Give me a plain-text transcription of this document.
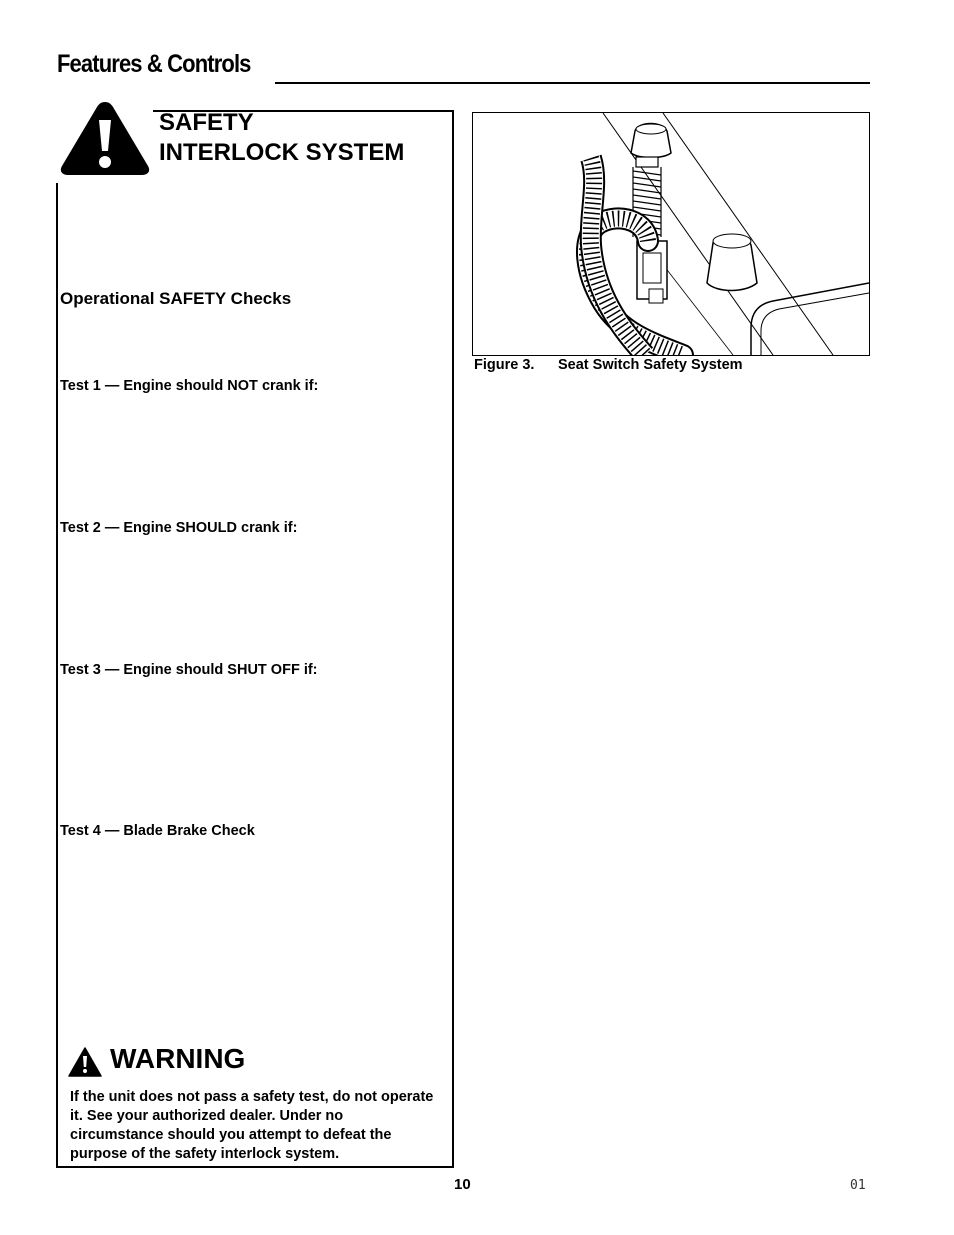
Features & Controls
SAFETY
INTERLOCK SYSTEM
Operational SAFETY Checks
Test 1 — Engine should NOT crank if:
Test 2 — Engine SHOULD crank if:
Test 3 — Engine should SHUT OFF if:
Test 4 — Blade Brake Check
WARNING
If the unit does not pass a safety test, do not operate it. See your authorized dealer. Under no circumstance should you attempt to defeat the purpose of the safety interlock system.
Figure 3. Seat Switch Safety System
10	01
